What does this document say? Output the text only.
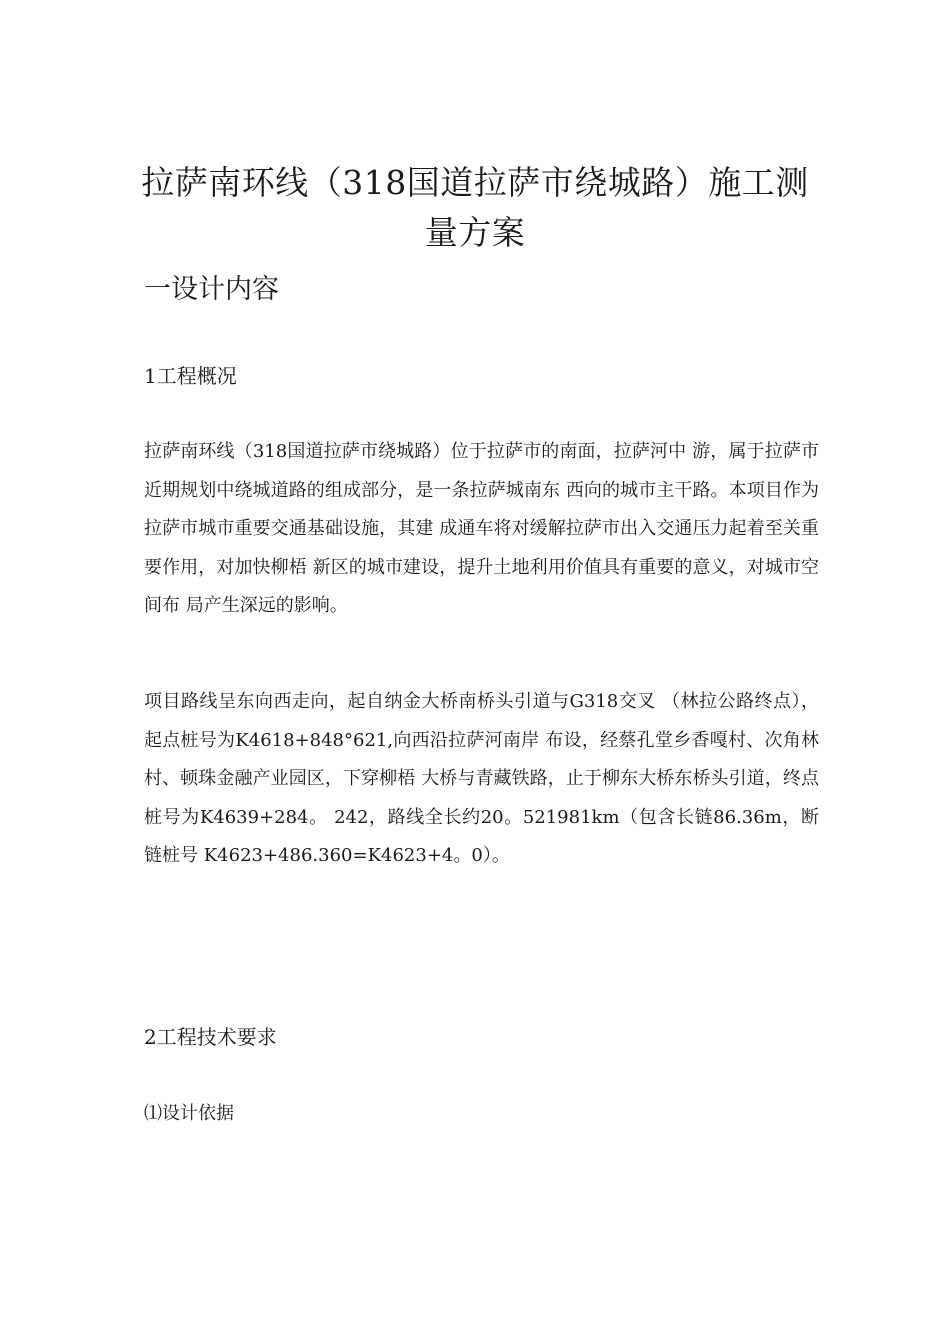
拉萨南环线（318国道拉萨市绕城路）施工测量方案
一设计内容
1工程概况
拉萨南环线（318国道拉萨市绕城路）位于拉萨市的南面，拉萨河中 游，属于拉萨市近期规划中绕城道路的组成部分，是一条拉萨城南东 西向的城市主干路。本项目作为拉萨市城市重要交通基础设施，其建 成通车将对缓解拉萨市出入交通压力起着至关重要作用，对加快柳梧 新区的城市建设，提升土地利用价值具有重要的意义，对城市空间布 局产生深远的影响。
项目路线呈东向西走向，起自纳金大桥南桥头引道与G318交叉 （林拉公路终点），起点桩号为K4618+848°621,向西沿拉萨河南岸 布设，经蔡孔堂乡香嘎村、次角林村、顿珠金融产业园区，下穿柳梧 大桥与青藏铁路，止于柳东大桥东桥头引道，终点桩号为K4639+284。 242，路线全长约20。521981km（包含长链86.36m，断链桩号 K4623+486.360=K4623+4。0）。
2工程技术要求
⑴设计依据
